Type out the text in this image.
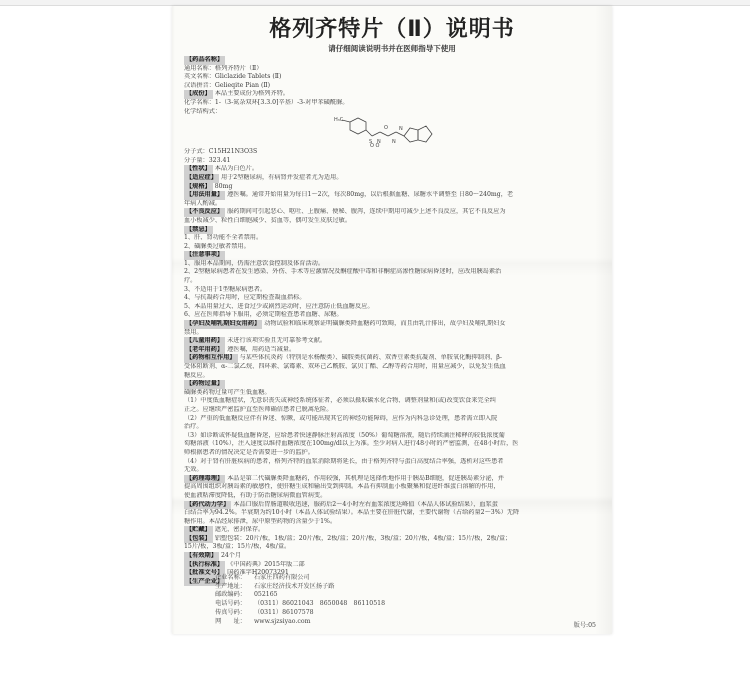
格列齐特片（Ⅱ）说明书
请仔细阅读说明书并在医师指导下使用
【药品名称】
通用名称：格列齐特片（Ⅱ）
英文名称：Gliclazide Tablets (Ⅱ)
汉语拼音：Gelieqite Pian (Ⅱ)
【成份】 本品主要成份为格列齐特。
化学名称：1-（3-氮杂双环[3.3.0]辛基）-3-对甲苯磺酰脲。
化学结构式：
H₃C
S N N
N
O O
O
分子式：C15H21N3O3S
分子量：323.41
【性状】 本品为白色片。
【适应症】 用于2型糖尿病，有病肾并发症者尤为适用。
【规格】 80mg
【用法用量】 遵医嘱。通常开始用量为每日1～2次，每次80mg，以后根据血糖、尿糖水平调整至 日80～240mg，老
年病人酌减。
【不良反应】 服药期间可引起恶心、呕吐、上腹痛、便秘、腹泻，连续中期用可减少上述不良反应，其它不良反应为
血小板减少、粒性白细胞减少、贫血等，偶可发生皮肤过敏。
【禁忌】
1、肝、肾功能不全者禁用。
2、磺脲类过敏者禁用。
【注意事项】
1、服用本品期间，仍需注意饮食控制及体育活动。
2、2型糖尿病患者在发生感染、外伤、手术等应激情况及酮症酸中毒和非酮症高渗性糖尿病昏迷时，应改用胰岛素治
疗。
3、不适用于1型糖尿病患者。
4、与抗凝药合用时，应定期检查凝血指标。
5、本品用量过大、进食过少或剧烈运动时，应注意防止低血糖反应。
6、应在医师指导下服用，必须定期检查患者血糖、尿糖。
【孕妇及哺乳期妇女用药】 动物试验和临床观察证明磺脲类降血糖药可致畸，而且由乳汁排出，故孕妇及哺乳期妇女
禁用。
【儿童用药】 未进行该项实验且无可靠参考文献。
【老年用药】 遵医嘱，用药适当减量。
【药物相互作用】 与某些体抗炎药（特别是水杨酸类）、磺胺类抗菌药、双香豆素类抗凝剂、单胺氧化酶抑制剂、β-
受体阻断剂、α-二氯乙烷、四环素、氯霉素、双环己乙酰胺、氯贝丁酯、乙醇等药合用时，用量应减少，以免发生低血
糖反应。
【药物过量】
磺脲类药物过量可产生低血糖。
（1）中度低血糖症状，无意识丧失或神经系统体征者，必须以摄取碳水化合物、调整剂量和(或)改变饮食来完全纠
正之。应继续严密监护直至医师确信患者已脱离危险。
（2）严重的低血糖反应伴有昏迷、惊厥，或可能出现其它的神经功能障碍，应作为内科急诊处理，患者需立即入院
治疗。
（3）如诊断或怀疑低血糖昏迷，应给患者快速静脉注射高浓度（50%）葡萄糖溶液，随后持续滴注稀释的较低浓度葡
萄糖溶液（10%），注入速度以维持血糖浓度在100mg/dl以上为准。至少对病人进行48小时的严密监测，在48小时后，医
师根据患者的情况决定是否需要进一步的监护。
（4）对于肾有肝脏疾病的患者，格列齐特的血浆消除期将延长，由于格列齐特与蛋白高度结合率强，透析对这些患者
无效。
【药理毒理】 本品是第二代磺脲类降血糖药，作用较强，其机理是选择性地作用于胰岛B细胞，促进胰岛素分泌，并
提高周围组织对胰岛素的敏感性，使肝糖生成和输出受到抑制。本品有抑制血小板聚集和促进纤维蛋白溶解的作用，
使血液粘滞度降低，有助于防治糖尿病微血管病变。
【药代动力学】 本品口服后胃肠道吸收迅速，服药后2～4小时左右血浆浓度达峰值（本品人体试验结果），血浆蛋
白结合率为94.2%。半衰期为约10小时（本品人体试验结果）。本品主要在肝脏代谢，主要代谢物（占给药量2～3%）无降
糖作用。本品经尿排泄，尿中原型药物的含量少于1%。
【贮藏】 遮光，密封保存。
【包装】 铝塑包装：20片/板，1板/盒；20片/板，2板/盒；20片/板，3板/盒；20片/板，4板/盒；15片/板，2板/盒；
15片/板，3板/盒；15片/板，4板/盒。
【有效期】 24个月
【执行标准】 《中国药典》2015年版二部
【批准文号】 国药准字H20073291
【生产企业】
企业名称： 石家庄四药有限公司
生产地址： 石家庄经济技术开发区扬子路
邮政编码： 052165
电话号码： （0311）86021043　8650048　86110518
传真号码： （0311）86107578
网　　址： www.sjzsiyao.com
版号:05
